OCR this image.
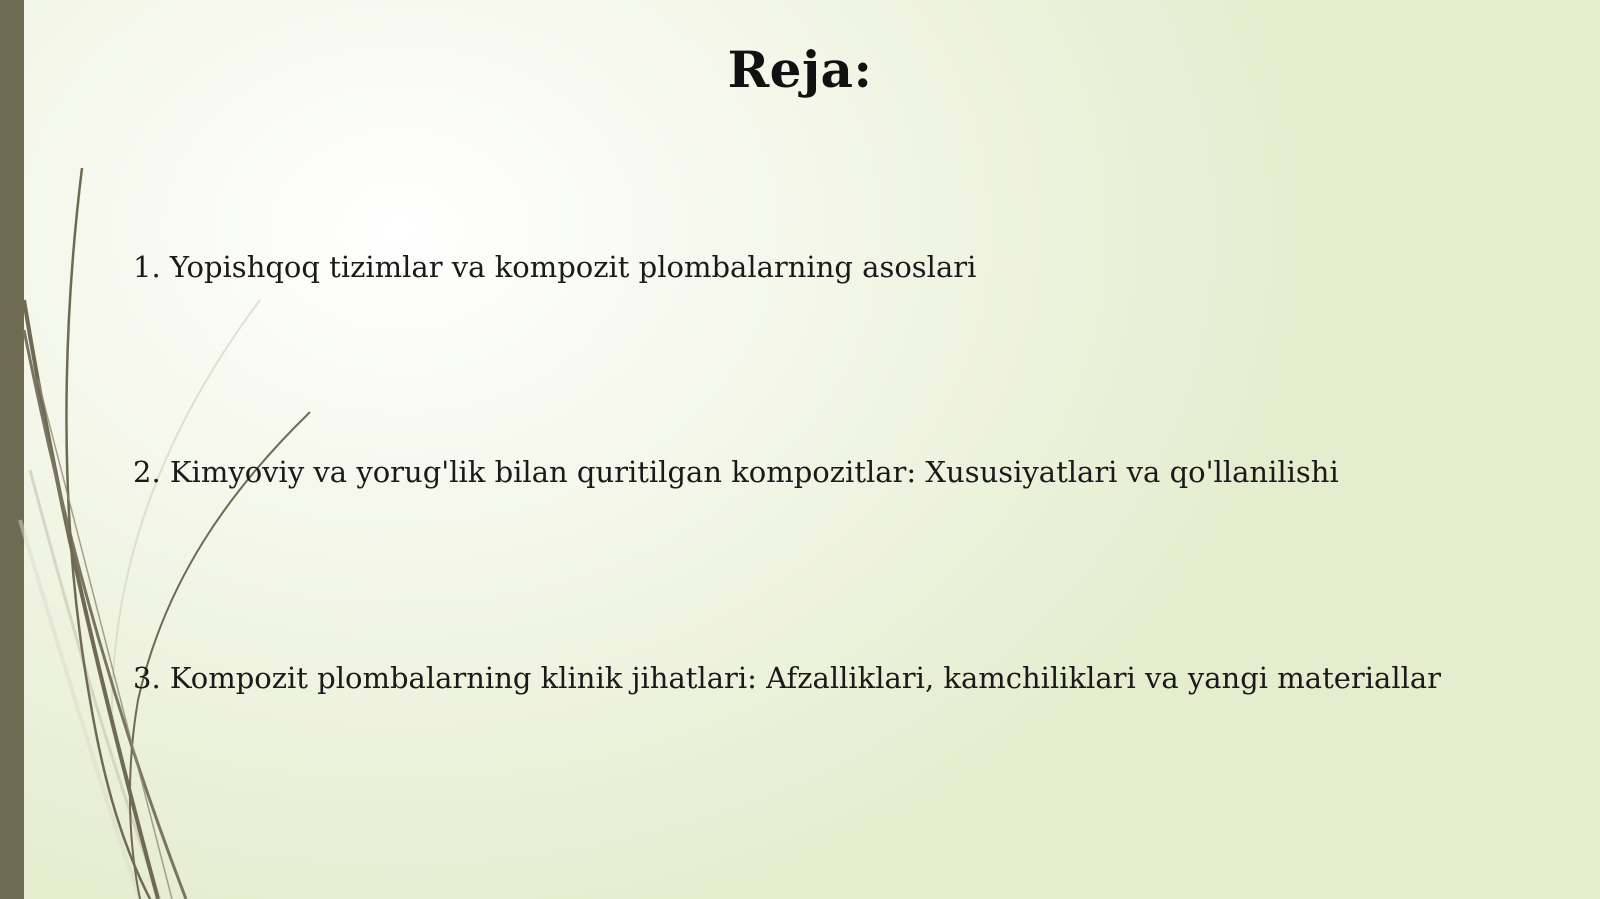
Reja:
1. Yopishqoq tizimlar va kompozit plombalarning asoslari
2. Kimyoviy va yorug'lik bilan quritilgan kompozitlar: Xususiyatlari va qo'llanilishi
3. Kompozit plombalarning klinik jihatlari: Afzalliklari, kamchiliklari va yangi materiallar
